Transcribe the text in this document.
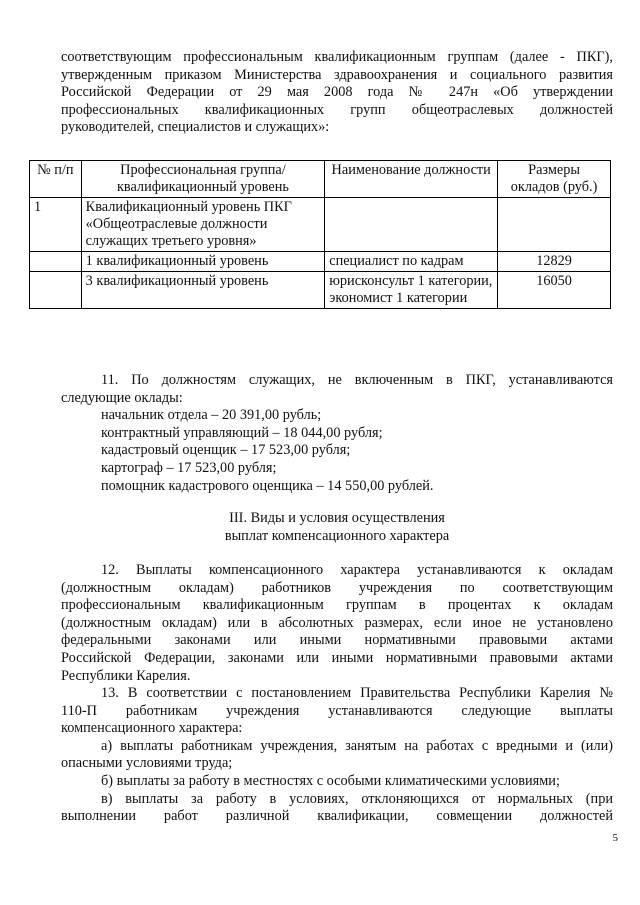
соответствующим профессиональным квалификационным группам (далее - ПКГ),
утвержденным приказом Министерства здравоохранения и социального развития
Российской Федерации от 29 мая 2008 года № 247н «Об утверждении
профессиональных квалификационных групп общеотраслевых должностей
руководителей, специалистов и служащих»:
№ п/п	Профессиональная группа/ квалификационный уровень	Наименование должности	Размеры окладов (руб.)
1	Квалификационный уровень ПКГ «Общеотраслевые должности служащих третьего уровня»		
	1 квалификационный уровень	специалист по кадрам	12829
	3 квалификационный уровень	юрисконсульт 1 категории, экономист 1 категории	16050
11. По должностям служащих, не включенным в ПКГ, устанавливаются
следующие оклады:

начальник отдела – 20 391,00 рубль;

контрактный управляющий – 18 044,00 рубля;

кадастровый оценщик – 17 523,00 рубля;

картограф – 17 523,00 рубля;

помощник кадастрового оценщика – 14 550,00 рублей.

III. Виды и условия осуществления
выплат компенсационного характера
12. Выплаты компенсационного характера устанавливаются к окладам
(должностным окладам) работников учреждения по соответствующим
профессиональным квалификационным группам в процентах к окладам
(должностным окладам) или в абсолютных размерах, если иное не установлено
федеральными законами или иными нормативными правовыми актами
Российской Федерации, законами или иными нормативными правовыми актами
Республики Карелия.
13. В соответствии с постановлением Правительства Республики Карелия №
110-П работникам учреждения устанавливаются следующие выплаты
компенсационного характера:
а) выплаты работникам учреждения, занятым на работах с вредными и (или)
опасными условиями труда;
б) выплаты за работу в местностях с особыми климатическими условиями;
в) выплаты за работу в условиях, отклоняющихся от нормальных (при
выполнении работ различной квалификации, совмещении должностей
5
